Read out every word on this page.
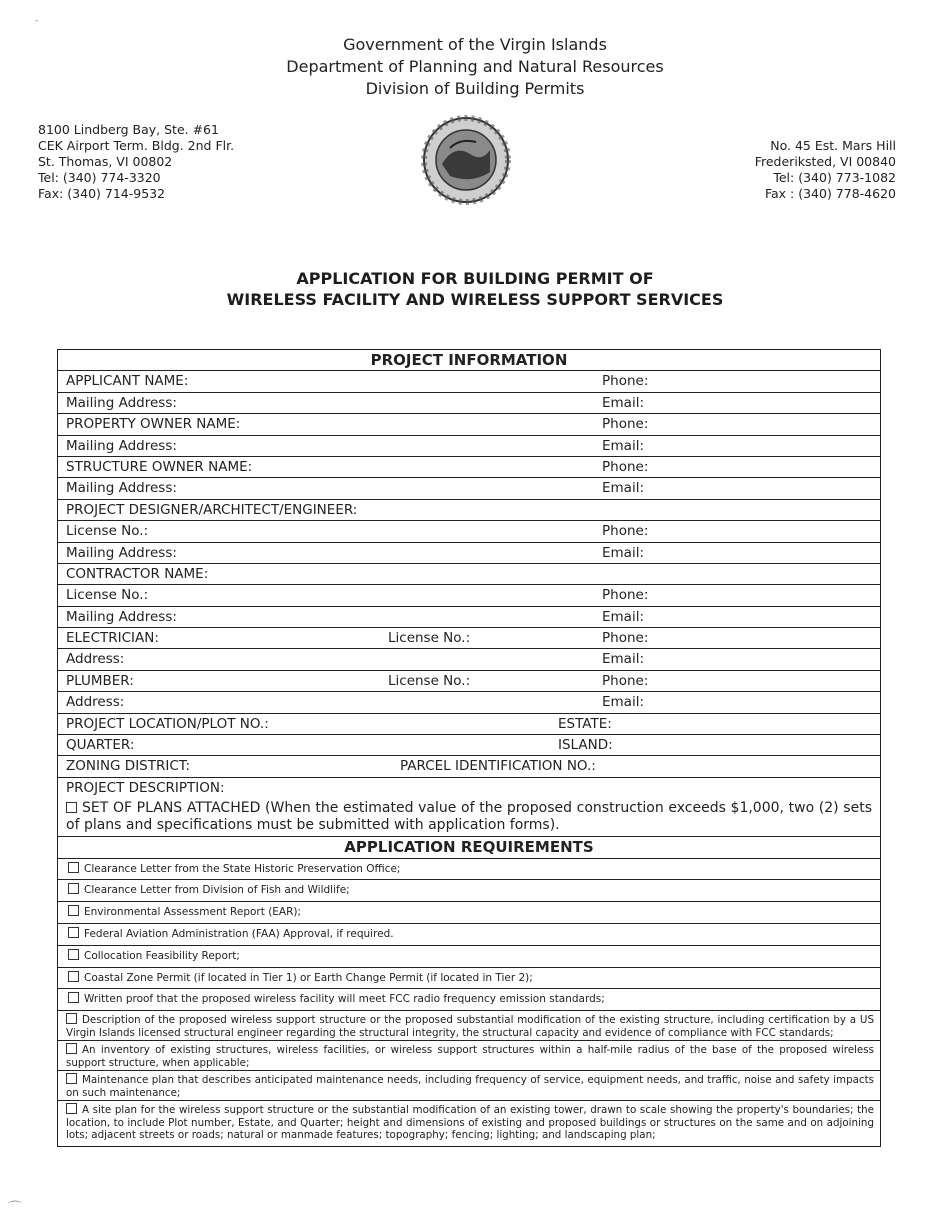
Government of the Virgin Islands
Department of Planning and Natural Resources
Division of Building Permits
8100 Lindberg Bay, Ste. #61
CEK Airport Term. Bldg. 2nd Flr.
St. Thomas, VI 00802
Tel: (340) 774-3320
Fax: (340) 714-9532
No. 45 Est. Mars Hill
Frederiksted, VI 00840
Tel: (340) 773-1082
Fax : (340) 778-4620
APPLICATION FOR BUILDING PERMIT OF
WIRELESS FACILITY AND WIRELESS SUPPORT SERVICES
PROJECT INFORMATION
APPLICANT NAME:	Phone:
Mailing Address:	Email:
PROPERTY OWNER NAME:	Phone:
Mailing Address:	Email:
STRUCTURE OWNER NAME:	Phone:
Mailing Address:	Email:
PROJECT DESIGNER/ARCHITECT/ENGINEER:
License No.:	Phone:
Mailing Address:	Email:
CONTRACTOR NAME:
License No.:	Phone:
Mailing Address:	Email:
ELECTRICIAN:	License No.:	Phone:
Address:	Email:
PLUMBER:	License No.:	Phone:
Address:	Email:
PROJECT LOCATION/PLOT NO.:	ESTATE:
QUARTER:	ISLAND:
ZONING DISTRICT:	PARCEL IDENTIFICATION NO.:
PROJECT DESCRIPTION:
SET OF PLANS ATTACHED (When the estimated value of the proposed construction exceeds $1,000, two (2) sets of plans and specifications must be submitted with application forms).
APPLICATION REQUIREMENTS
Clearance Letter from the State Historic Preservation Office;
Clearance Letter from Division of Fish and Wildlife;
Environmental Assessment Report (EAR);
Federal Aviation Administration (FAA) Approval, if required.
Collocation Feasibility Report;
Coastal Zone Permit (if located in Tier 1) or Earth Change Permit (if located in Tier 2);
Written proof that the proposed wireless facility will meet FCC radio frequency emission standards;
Description of the proposed wireless support structure or the proposed substantial modification of the existing structure, including certification by a US Virgin Islands licensed structural engineer regarding the structural integrity, the structural capacity and evidence of compliance with FCC standards;
An inventory of existing structures, wireless facilities, or wireless support structures within a half-mile radius of the base of the proposed wireless support structure, when applicable;
Maintenance plan that describes anticipated maintenance needs, including frequency of service, equipment needs, and traffic, noise and safety impacts on such maintenance;
A site plan for the wireless support structure or the substantial modification of an existing tower, drawn to scale showing the property's boundaries; the location, to include Plot number, Estate, and Quarter; height and dimensions of existing and proposed buildings or structures on the same and on adjoining lots; adjacent streets or roads; natural or manmade features; topography; fencing; lighting; and landscaping plan;
-
⌒
